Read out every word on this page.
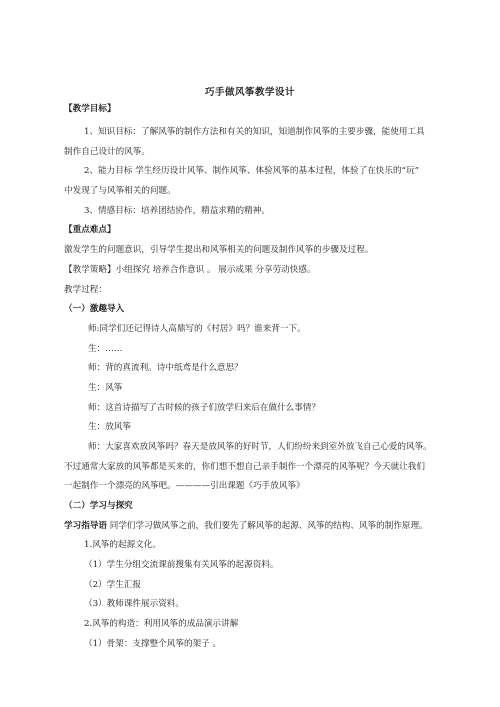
巧手做风筝教学设计
【教学目标】
1、知识目标：了解风筝的制作方法和有关的知识，知道制作风筝的主要步骤，能使用工具
制作自己设计的风筝。
2、能力目标 学生经历设计风筝、制作风筝、体验风筝的基本过程，体验了在快乐的“玩”
中发现了与风筝相关的问题。
3、情感目标：培养团结协作，精益求精的精神。
【重点难点】
激发学生的问题意识，引导学生提出和风筝相关的问题及制作风筝的步骤及过程。
【教学策略】小组探究 培养合作意识 。 展示成果 分享劳动快感。
教学过程：
（一）激趣导入
师:同学们还记得诗人高鼎写的《村居》吗？谁来背一下。
生：……
师：背的真流利。诗中纸鸢是什么意思？
生：风筝
师：这首诗描写了古时候的孩子们放学归来后在做什么事情？
生：放风筝
师：大家喜欢放风筝吗？春天是放风筝的好时节，人们纷纷来到室外放飞自己心爱的风筝。
不过通常大家放的风筝都是买来的，你们想不想自己亲手制作一个漂亮的风筝呢？今天就让我们
一起制作一个漂亮的风筝吧。————引出课题《巧手放风筝》
（二）学习与探究
学习指导语 同学们学习做风筝之前，我们要先了解风筝的起源、风筝的结构、风筝的制作原理。
1.风筝的起源文化。
（1）学生分组交流课前搜集有关风筝的起源资料。
（2）学生汇报
（3）教师课件展示资料。
2.风筝的构造：利用风筝的成品演示讲解
（1）骨架：支撑整个风筝的架子 。
